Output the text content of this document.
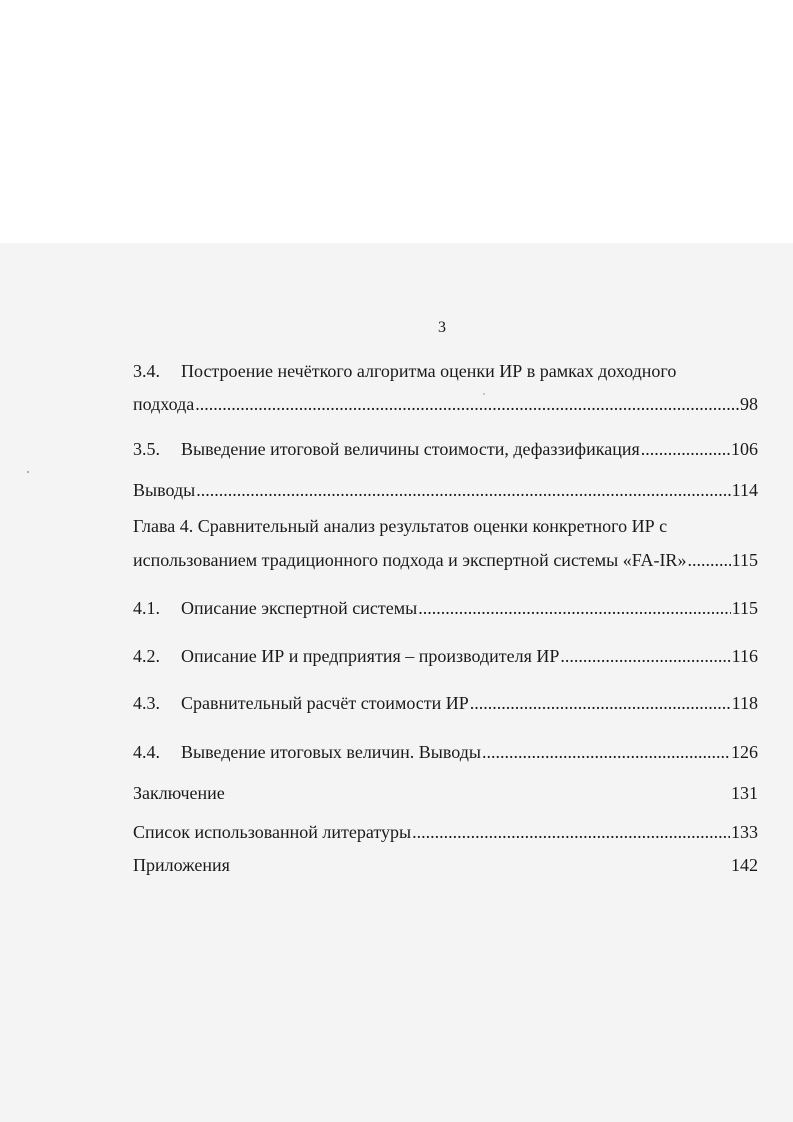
3
3.4. Построение нечёткого алгоритма оценки ИР в рамках доходного
подхода .....	98
3.5. Выведение итоговой величины стоимости, дефаззификация .....	106
Выводы .....	114
Глава 4. Сравнительный анализ результатов оценки конкретного ИР с
использованием традиционного подхода и экспертной системы «FA-IR» .....	115
4.1. Описание экспертной системы .....	115
4.2. Описание ИР и предприятия – производителя ИР .....	116
4.3. Сравнительный расчёт стоимости ИР .....	118
4.4. Выведение итоговых величин. Выводы .....	126
Заключение	131
Список использованной литературы .....	133
Приложения	142
